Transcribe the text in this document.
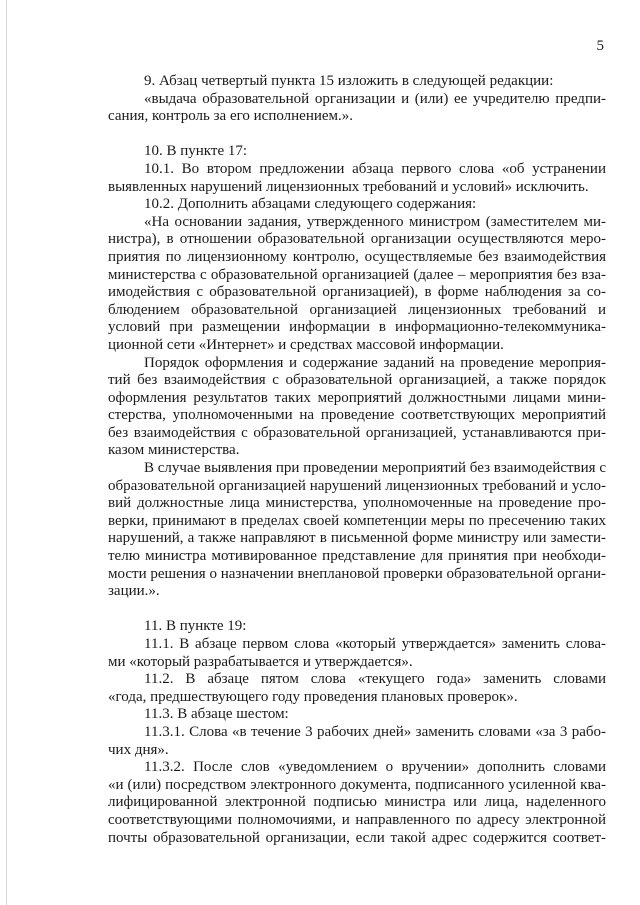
5
9. Абзац четвертый пункта 15 изложить в следующей редакции:
«выдача образовательной организации и (или) ее учредителю предпи-
сания, контроль за его исполнением.».
10. В пункте 17:
10.1. Во втором предложении абзаца первого слова «об устранении
выявленных нарушений лицензионных требований и условий» исключить.
10.2. Дополнить абзацами следующего содержания:
«На основании задания, утвержденного министром (заместителем ми-
нистра), в отношении образовательной организации осуществляются меро-
приятия по лицензионному контролю, осуществляемые без взаимодействия
министерства с образовательной организацией (далее – мероприятия без вза-
имодействия с образовательной организацией), в форме наблюдения за со-
блюдением образовательной организацией лицензионных требований и
условий при размещении информации в информационно-телекоммуника-
ционной сети «Интернет» и средствах массовой информации.
Порядок оформления и содержание заданий на проведение мероприя-
тий без взаимодействия с образовательной организацией, а также порядок
оформления результатов таких мероприятий должностными лицами мини-
стерства, уполномоченными на проведение соответствующих мероприятий
без взаимодействия с образовательной организацией, устанавливаются при-
казом министерства.
В случае выявления при проведении мероприятий без взаимодействия с
образовательной организацией нарушений лицензионных требований и усло-
вий должностные лица министерства, уполномоченные на проведение про-
верки, принимают в пределах своей компетенции меры по пресечению таких
нарушений, а также направляют в письменной форме министру или замести-
телю министра мотивированное представление для принятия при необходи-
мости решения о назначении внеплановой проверки образовательной органи-
зации.».
11. В пункте 19:
11.1. В абзаце первом слова «который утверждается» заменить слова-
ми «который разрабатывается и утверждается».
11.2. В абзаце пятом слова «текущего года» заменить словами
«года, предшествующего году проведения плановых проверок».
11.3. В абзаце шестом:
11.3.1. Слова «в течение 3 рабочих дней» заменить словами «за 3 рабо-
чих дня».
11.3.2. После слов «уведомлением о вручении» дополнить словами
«и (или) посредством электронного документа, подписанного усиленной ква-
лифицированной электронной подписью министра или лица, наделенного
соответствующими полномочиями, и направленного по адресу электронной
почты образовательной организации, если такой адрес содержится соответ-
